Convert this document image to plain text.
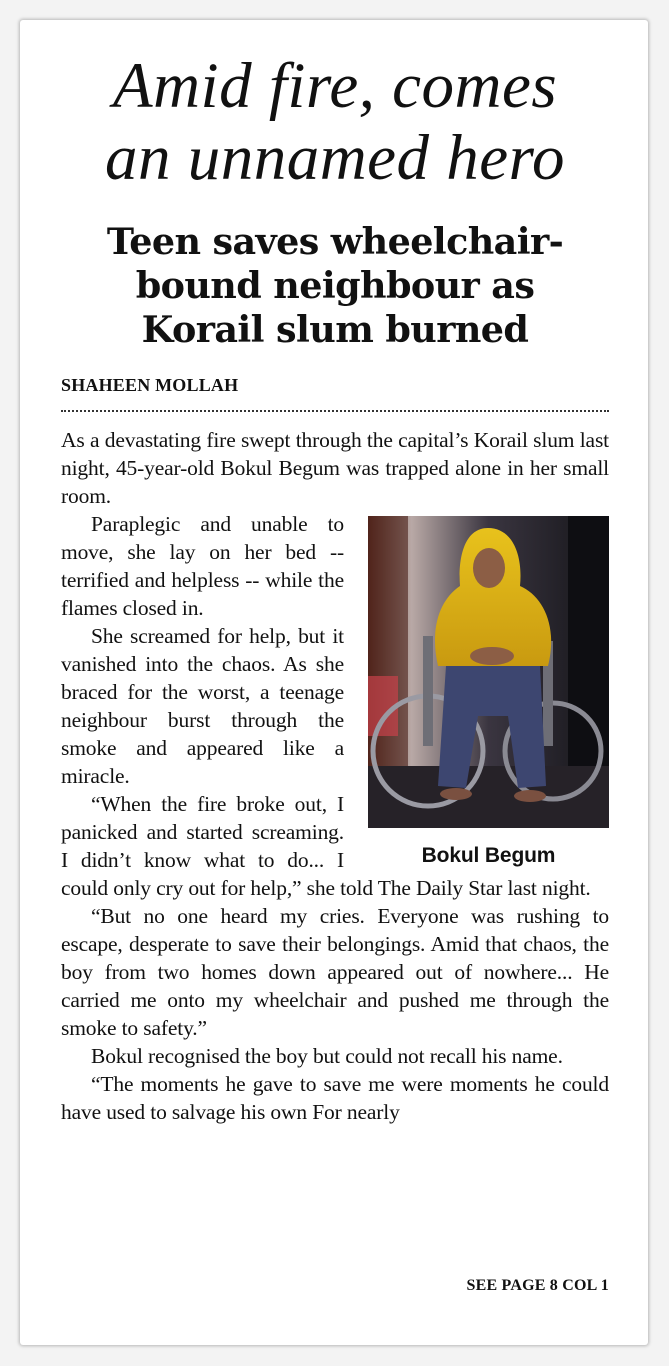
Amid fire, comes
an unnamed hero
Teen saves wheelchair-
bound neighbour as
Korail slum burned
SHAHEEN MOLLAH

As a devastating fire swept through the capital’s Korail slum last night, 45-year-old Bokul Begum was trapped alone in her small room.

Bokul Begum

Paraplegic and unable to move, she lay on her bed -- terrified and helpless -- while the flames closed in.

She screamed for help, but it vanished into the chaos. As she braced for the worst, a teenage neighbour burst through the smoke and appeared like a miracle.

“When the fire broke out, I panicked and started screaming. I didn’t know what to do... I could only cry out for help,” she told The Daily Star last night.

“But no one heard my cries. Everyone was rushing to escape, desperate to save their belongings. Amid that chaos, the boy from two homes down appeared out of nowhere... He carried me onto my wheelchair and pushed me through the smoke to safety.”

Bokul recognised the boy but could not recall his name.

“The moments he gave to save me were moments he could have used to salvage his own For nearly

SEE PAGE 8 COL 1
